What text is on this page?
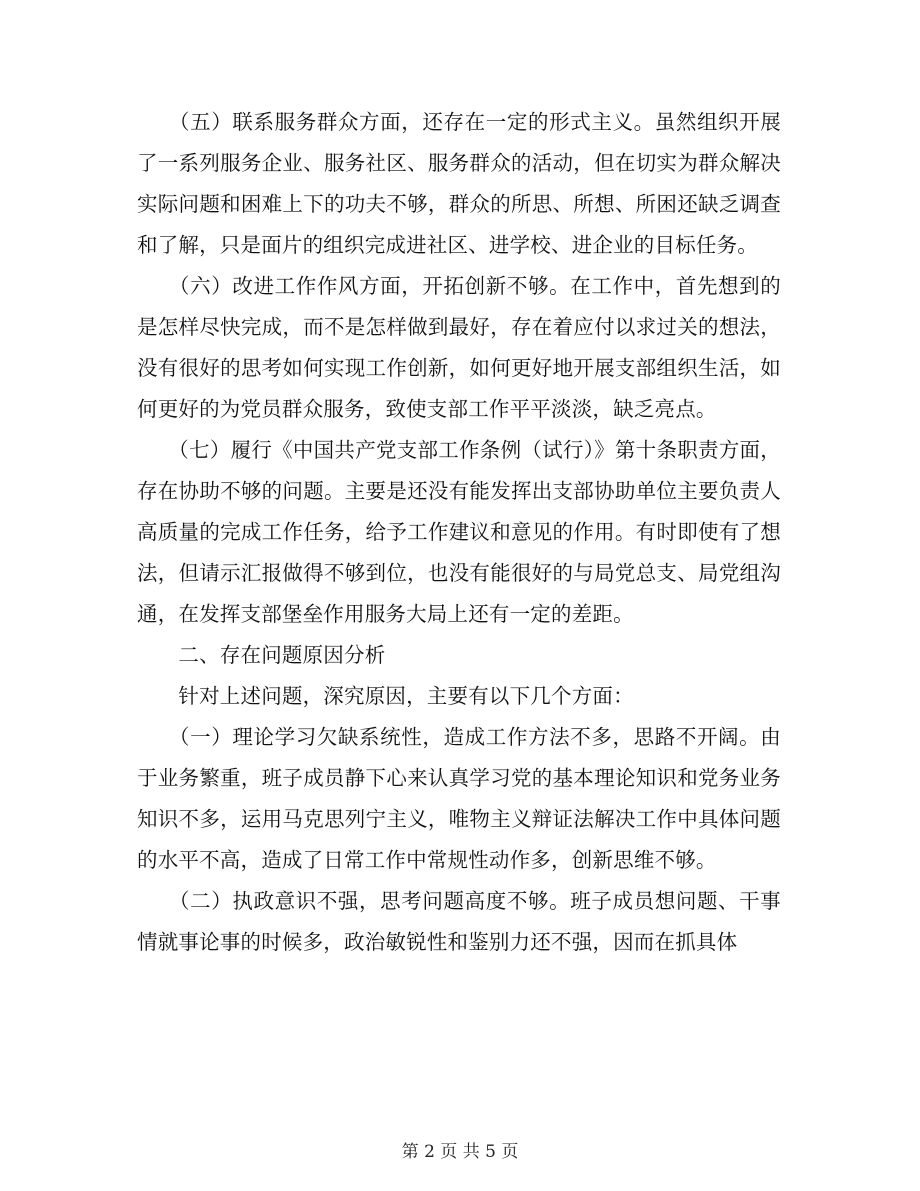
　　（五）联系服务群众方面，还存在一定的形式主义。虽然组织开展了一系列服务企业、服务社区、服务群众的活动，但在切实为群众解决实际问题和困难上下的功夫不够，群众的所思、所想、所困还缺乏调查和了解，只是面片的组织完成进社区、进学校、进企业的目标任务。

　　（六）改进工作作风方面，开拓创新不够。在工作中，首先想到的是怎样尽快完成，而不是怎样做到最好，存在着应付以求过关的想法，没有很好的思考如何实现工作创新，如何更好地开展支部组织生活，如何更好的为党员群众服务，致使支部工作平平淡淡，缺乏亮点。

　　（七）履行《中国共产党支部工作条例（试行）》第十条职责方面，存在协助不够的问题。主要是还没有能发挥出支部协助单位主要负责人高质量的完成工作任务，给予工作建议和意见的作用。有时即使有了想法，但请示汇报做得不够到位，也没有能很好的与局党总支、局党组沟通，在发挥支部堡垒作用服务大局上还有一定的差距。

　　二、存在问题原因分析

　　针对上述问题，深究原因，主要有以下几个方面：

　　（一）理论学习欠缺系统性，造成工作方法不多，思路不开阔。由于业务繁重，班子成员静下心来认真学习党的基本理论知识和党务业务知识不多，运用马克思列宁主义，唯物主义辩证法解决工作中具体问题的水平不高，造成了日常工作中常规性动作多，创新思维不够。

　　（二）执政意识不强，思考问题高度不够。班子成员想问题、干事情就事论事的时候多，政治敏锐性和鉴别力还不强，因而在抓具体

第 2 页 共 5 页
